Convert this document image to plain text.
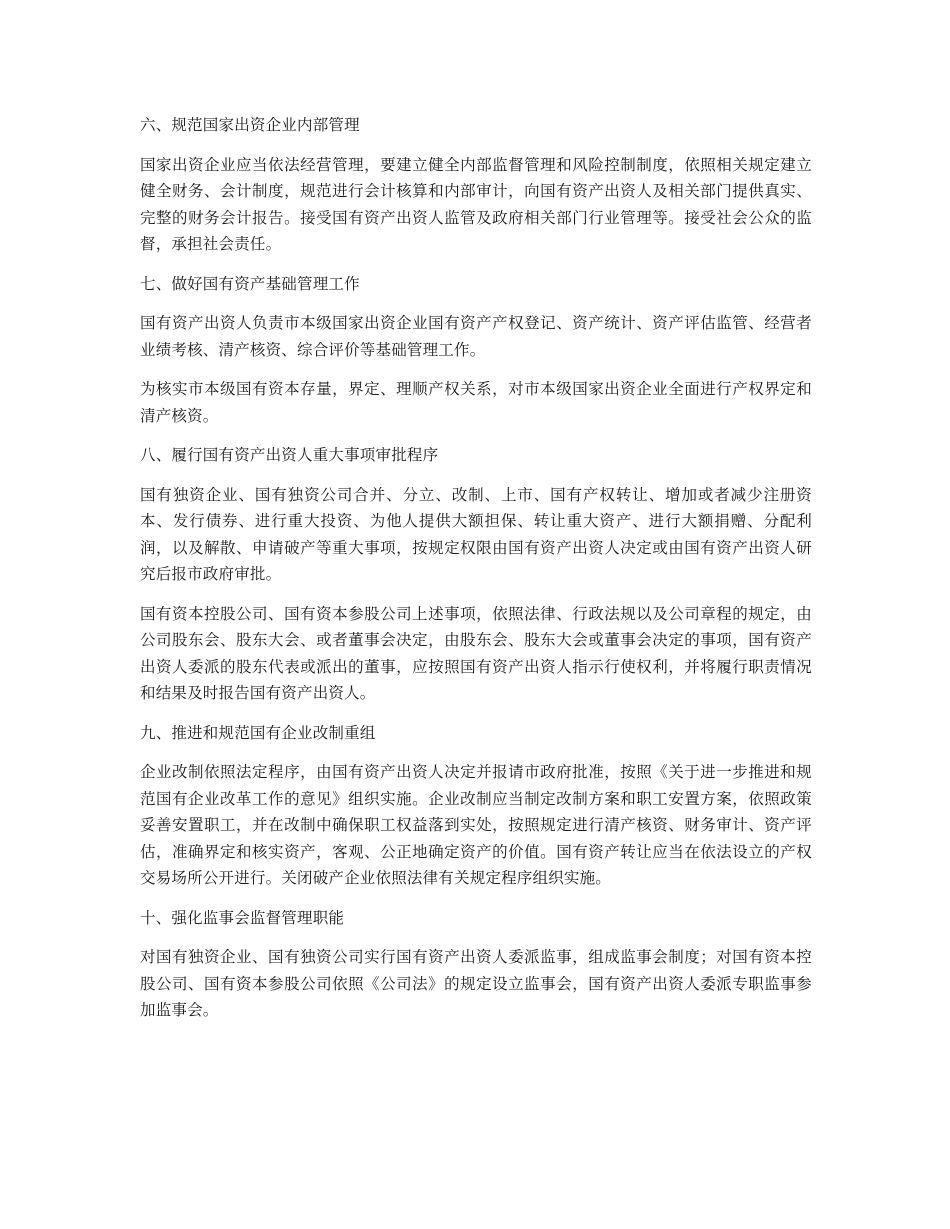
六、规范国家出资企业内部管理

国家出资企业应当依法经营管理，要建立健全内部监督管理和风险控制制度，依照相关规定建立健全财务、会计制度，规范进行会计核算和内部审计，向国有资产出资人及相关部门提供真实、完整的财务会计报告。接受国有资产出资人监管及政府相关部门行业管理等。接受社会公众的监督，承担社会责任。

七、做好国有资产基础管理工作

国有资产出资人负责市本级国家出资企业国有资产产权登记、资产统计、资产评估监管、经营者业绩考核、清产核资、综合评价等基础管理工作。

为核实市本级国有资本存量，界定、理顺产权关系，对市本级国家出资企业全面进行产权界定和清产核资。

八、履行国有资产出资人重大事项审批程序

国有独资企业、国有独资公司合并、分立、改制、上市、国有产权转让、增加或者减少注册资本、发行债券、进行重大投资、为他人提供大额担保、转让重大资产、进行大额捐赠、分配利润，以及解散、申请破产等重大事项，按规定权限由国有资产出资人决定或由国有资产出资人研究后报市政府审批。

国有资本控股公司、国有资本参股公司上述事项，依照法律、行政法规以及公司章程的规定，由公司股东会、股东大会、或者董事会决定，由股东会、股东大会或董事会决定的事项，国有资产出资人委派的股东代表或派出的董事，应按照国有资产出资人指示行使权利，并将履行职责情况和结果及时报告国有资产出资人。

九、推进和规范国有企业改制重组

企业改制依照法定程序，由国有资产出资人决定并报请市政府批准，按照《关于进一步推进和规范国有企业改革工作的意见》组织实施。企业改制应当制定改制方案和职工安置方案，依照政策妥善安置职工，并在改制中确保职工权益落到实处，按照规定进行清产核资、财务审计、资产评估，准确界定和核实资产，客观、公正地确定资产的价值。国有资产转让应当在依法设立的产权交易场所公开进行。关闭破产企业依照法律有关规定程序组织实施。

十、强化监事会监督管理职能

对国有独资企业、国有独资公司实行国有资产出资人委派监事，组成监事会制度；对国有资本控股公司、国有资本参股公司依照《公司法》的规定设立监事会，国有资产出资人委派专职监事参加监事会。
